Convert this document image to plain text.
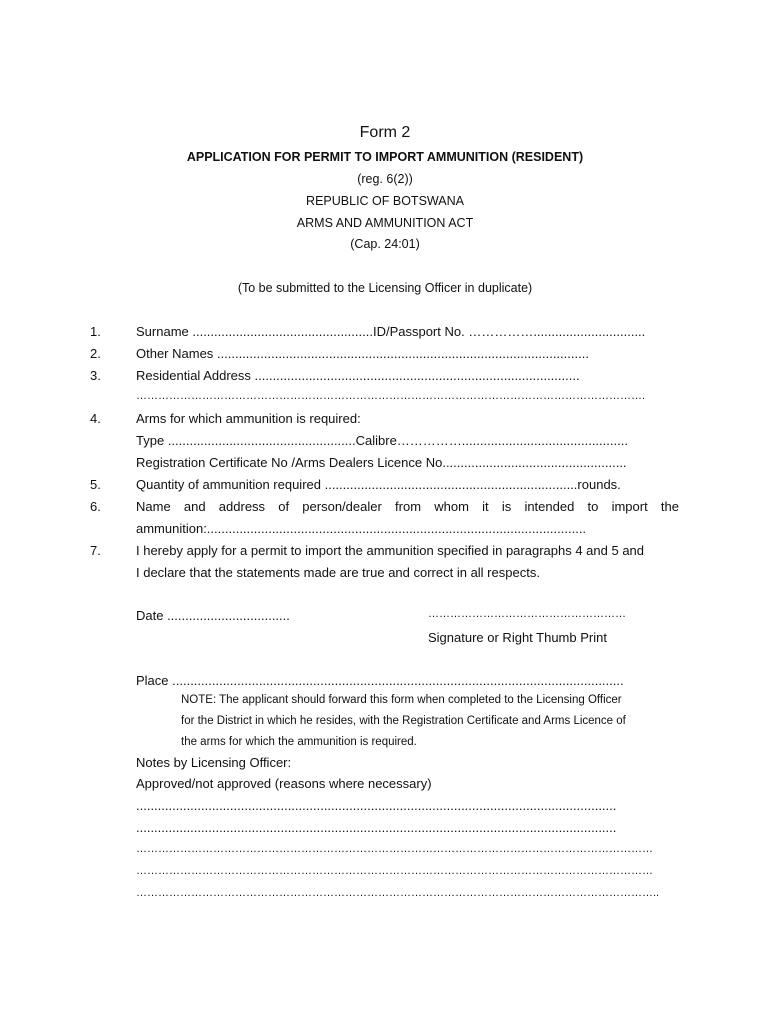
Form 2
APPLICATION FOR PERMIT TO IMPORT AMMUNITION (RESIDENT)
(reg. 6(2))
REPUBLIC OF BOTSWANA
ARMS AND AMMUNITION ACT
(Cap. 24:01)
(To be submitted to the Licensing Officer in duplicate)
1.	Surname ..................................................ID/Passport No. ……………...............................
2.	Other Names .......................................................................................................
3.	Residential Address ..........................................................................................
………………………………………………………………………………………………………………………….
4.	Arms for which ammunition is required:
Type ....................................................Calibre……………..............................................
Registration Certificate No /Arms Dealers Licence No...................................................
5.	Quantity of ammunition required ......................................................................rounds.
6.	Name and address of person/dealer from whom it is intended to import the
ammunition:.........................................................................................................
7.	I hereby apply for a permit to import the ammunition specified in paragraphs 4 and 5 and
I declare that the statements made are true and correct in all respects.
Date ..................................	………………………………………………
Signature or Right Thumb Print
Place .............................................................................................................................
NOTE: The applicant should forward this form when completed to the Licensing Officer
for the District in which he resides, with the Registration Certificate and Arms Licence of
the arms for which the ammunition is required.
Notes by Licensing Officer:
Approved/not approved (reasons where necessary)
.....................................................................................................................................
.....................................................................................................................................
……………………………………………………………………………………………………………………………
……………………………………………………………………………………………………………………………
……………………………………………………………………………………………………………………………..
